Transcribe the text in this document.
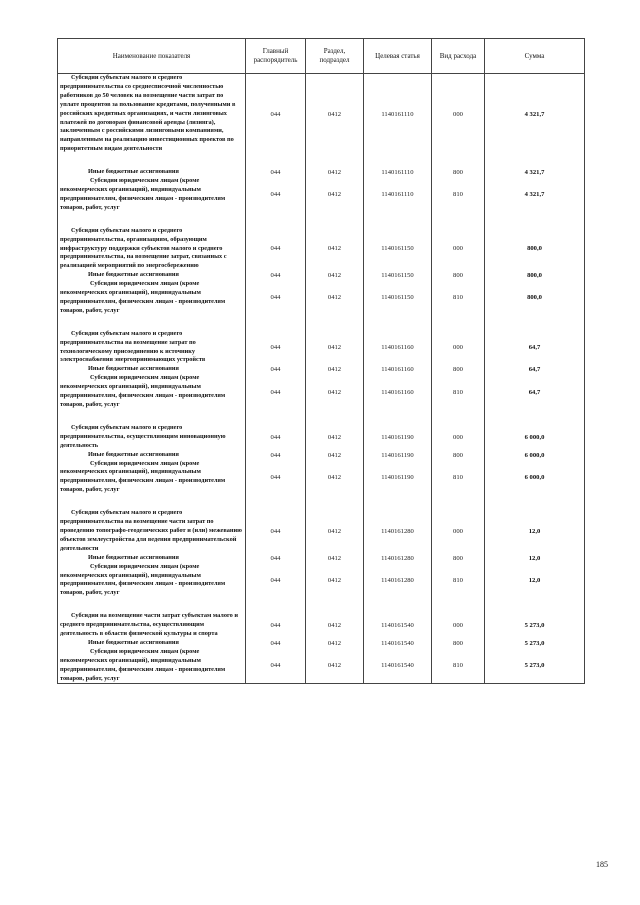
Наименование показателя	Главный распорядитель	Раздел, подраздел	Целевая статья	Вид расхода	Сумма

Субсидии субъектам малого и среднего предпринимательства со среднесписочной численностью работников до 50 человек на возмещение части затрат по уплате процентов за пользование кредитами, полученными в российских кредитных организациях, и части лизинговых платежей по договорам финансовой аренды (лизинга), заключенным с российскими лизинговыми компаниями, направленным на реализацию инвестиционных проектов по приоритетным видам деятельности	044	0412	1140161110	000	4 321,7

Иные бюджетные ассигнования	044	0412	1140161110	800	4 321,7

Субсидии юридическим лицам (кроме некоммерческих организаций), индивидуальным предпринимателям, физическим лицам - производителям товаров, работ, услуг	044	0412	1140161110	810	4 321,7

Субсидии субъектам малого и среднего предпринимательства, организациям, образующим инфраструктуру поддержки субъектов малого и среднего предпринимательства, на возмещение затрат, связанных с реализацией мероприятий по энергосбережению	044	0412	1140161150	000	800,0

Иные бюджетные ассигнования	044	0412	1140161150	800	800,0

Субсидии юридическим лицам (кроме некоммерческих организаций), индивидуальным предпринимателям, физическим лицам - производителям товаров, работ, услуг	044	0412	1140161150	810	800,0

Субсидии субъектам малого и среднего предпринимательства на возмещение затрат по технологическому присоединению к источнику электроснабжения энергопринимающих устройств	044	0412	1140161160	000	64,7

Иные бюджетные ассигнования	044	0412	1140161160	800	64,7

Субсидии юридическим лицам (кроме некоммерческих организаций), индивидуальным предпринимателям, физическим лицам - производителям товаров, работ, услуг	044	0412	1140161160	810	64,7

Субсидии субъектам малого и среднего предпринимательства, осуществляющим инновационную деятельность	044	0412	1140161190	000	6 000,0

Иные бюджетные ассигнования	044	0412	1140161190	800	6 000,0

Субсидии юридическим лицам (кроме некоммерческих организаций), индивидуальным предпринимателям, физическим лицам - производителям товаров, работ, услуг	044	0412	1140161190	810	6 000,0

Субсидии субъектам малого и среднего предпринимательства на возмещение части затрат по проведению топографо-геодезических работ и (или) межеванию объектов землеустройства для ведения предпринимательской деятельности	044	0412	1140161280	000	12,0

Иные бюджетные ассигнования	044	0412	1140161280	800	12,0

Субсидии юридическим лицам (кроме некоммерческих организаций), индивидуальным предпринимателям, физическим лицам - производителям товаров, работ, услуг	044	0412	1140161280	810	12,0

Субсидии на возмещение части затрат субъектам малого и среднего предпринимательства, осуществляющим деятельность в области физической культуры и спорта	044	0412	1140161540	000	5 273,0

Иные бюджетные ассигнования	044	0412	1140161540	800	5 273,0

Субсидии юридическим лицам (кроме некоммерческих организаций), индивидуальным предпринимателям, физическим лицам - производителям товаров, работ, услуг	044	0412	1140161540	810	5 273,0
185
